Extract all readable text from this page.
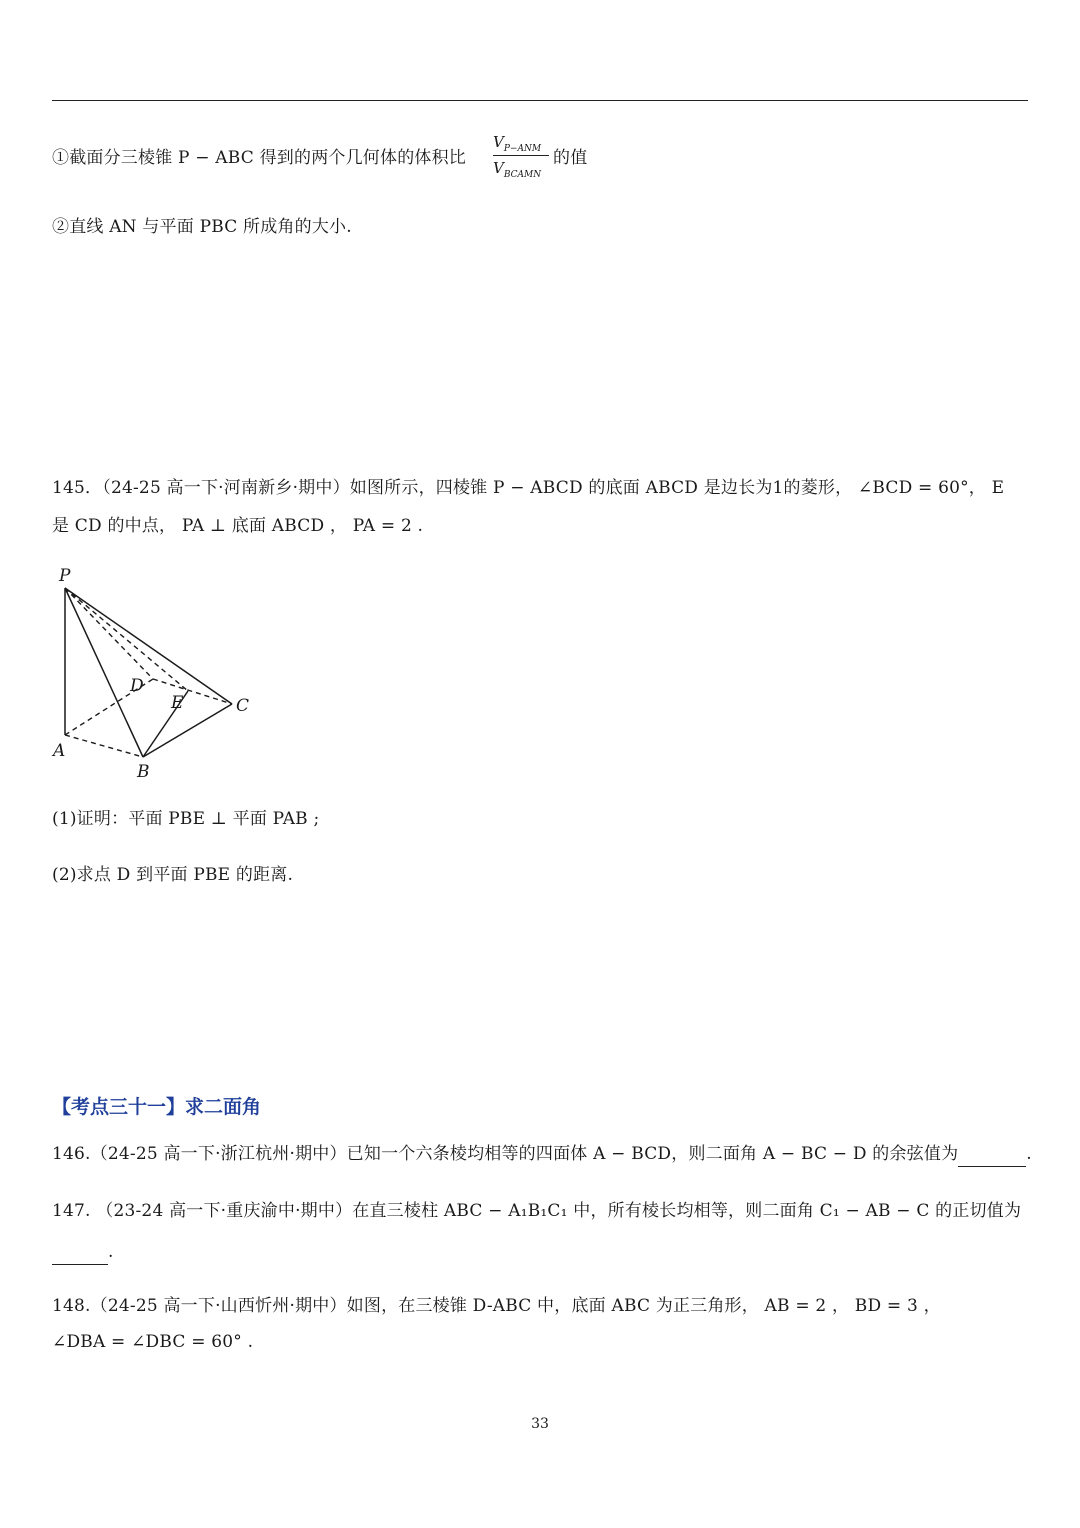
①截面分三棱锥 P − ABC 得到的两个几何体的体积比
$V_{P-ANM}$
$V_{BCAMN}$
的值
②直线 AN 与平面 PBC 所成角的大小.
145．（24-25 高一下·河南新乡·期中）如图所示，四棱锥 P − ABCD 的底面 ABCD 是边长为1的菱形， ∠BCD = 60°， E
是 CD 的中点， PA ⊥ 底面 ABCD ， PA = 2 .
P
D
E	C
A
B
(1)证明：平面 PBE ⊥ 平面 PAB ;
(2)求点 D 到平面 PBE 的距离.
【考点三十一】求二面角
146.（24-25 高一下·浙江杭州·期中）已知一个六条棱均相等的四面体 A − BCD，则二面角 A − BC − D 的余弦值为	.
147. （23-24 高一下·重庆渝中·期中）在直三棱柱 ABC − A₁B₁C₁ 中，所有棱长均相等，则二面角 C₁ − AB − C 的正切值为
.
148.（24-25 高一下·山西忻州·期中）如图，在三棱锥 D-ABC 中，底面 ABC 为正三角形， AB = 2 ， BD = 3 ，
∠DBA = ∠DBC = 60° .
33
